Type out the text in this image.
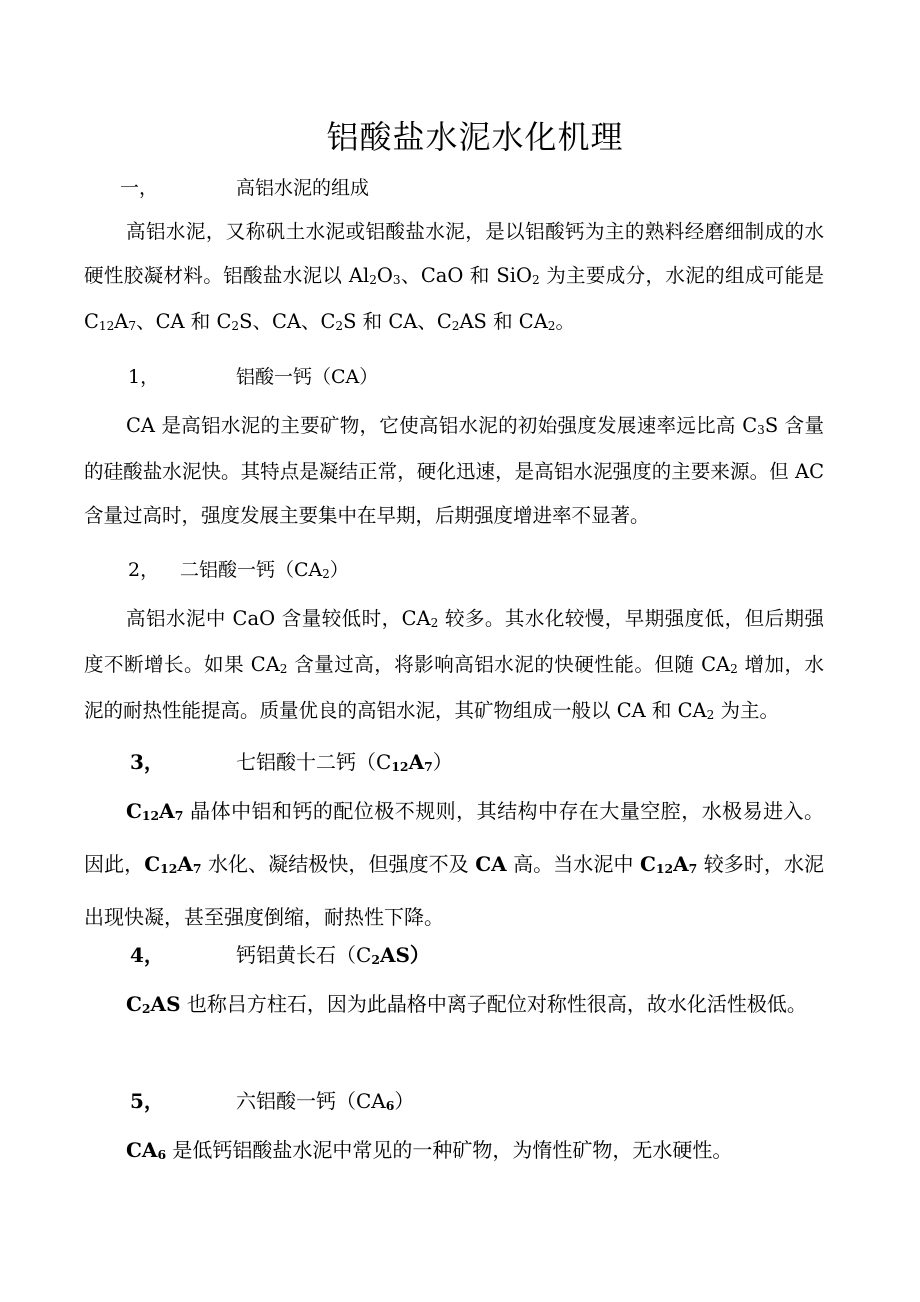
铝酸盐水泥水化机理
一，	高铝水泥的组成

高铝水泥，又称矾土水泥或铝酸盐水泥，是以铝酸钙为主的熟料经磨细制成的水硬性胶凝材料。铝酸盐水泥以 $Al_2O_3$、CaO 和 SiO$_2$ 为主要成分，水泥的组成可能是 $C_{12}A_7$、CA 和 $C_2S$、CA、$C_2S$ 和 CA、$C_2AS$ 和 $CA_2$。

1，	铝酸一钙（CA）

CA 是高铝水泥的主要矿物，它使高铝水泥的初始强度发展速率远比高 $C_3S$ 含量的硅酸盐水泥快。其特点是凝结正常，硬化迅速，是高铝水泥强度的主要来源。但 AC 含量过高时，强度发展主要集中在早期，后期强度增进率不显著。

2， 二铝酸一钙$(CA_2)$

高铝水泥中 CaO 含量较低时，$CA_2$ 较多。其水化较慢，早期强度低，但后期强度不断增长。如果 $CA_2$ 含量过高，将影响高铝水泥的快硬性能。但随 $CA_2$ 增加，水泥的耐热性能提高。质量优良的高铝水泥，其矿物组成一般以 CA 和 $CA_2$ 为主。

3，	七铝酸十二钙$(C_{12}A_7)$

$C_{12}A_7$ 晶体中铝和钙的配位极不规则，其结构中存在大量空腔，水极易进入。因此，$C_{12}A_7$ 水化、凝结极快，但强度不及 CA 高。当水泥中 $C_{12}A_7$ 较多时，水泥出现快凝，甚至强度倒缩，耐热性下降。

4，	钙铝黄长石$(C_2AS)$

$C_2AS$ 也称吕方柱石，因为此晶格中离子配位对称性很高，故水化活性极低。

5，	六铝酸一钙$(CA_6)$

$CA_6$ 是低钙铝酸盐水泥中常见的一种矿物，为惰性矿物，无水硬性。
